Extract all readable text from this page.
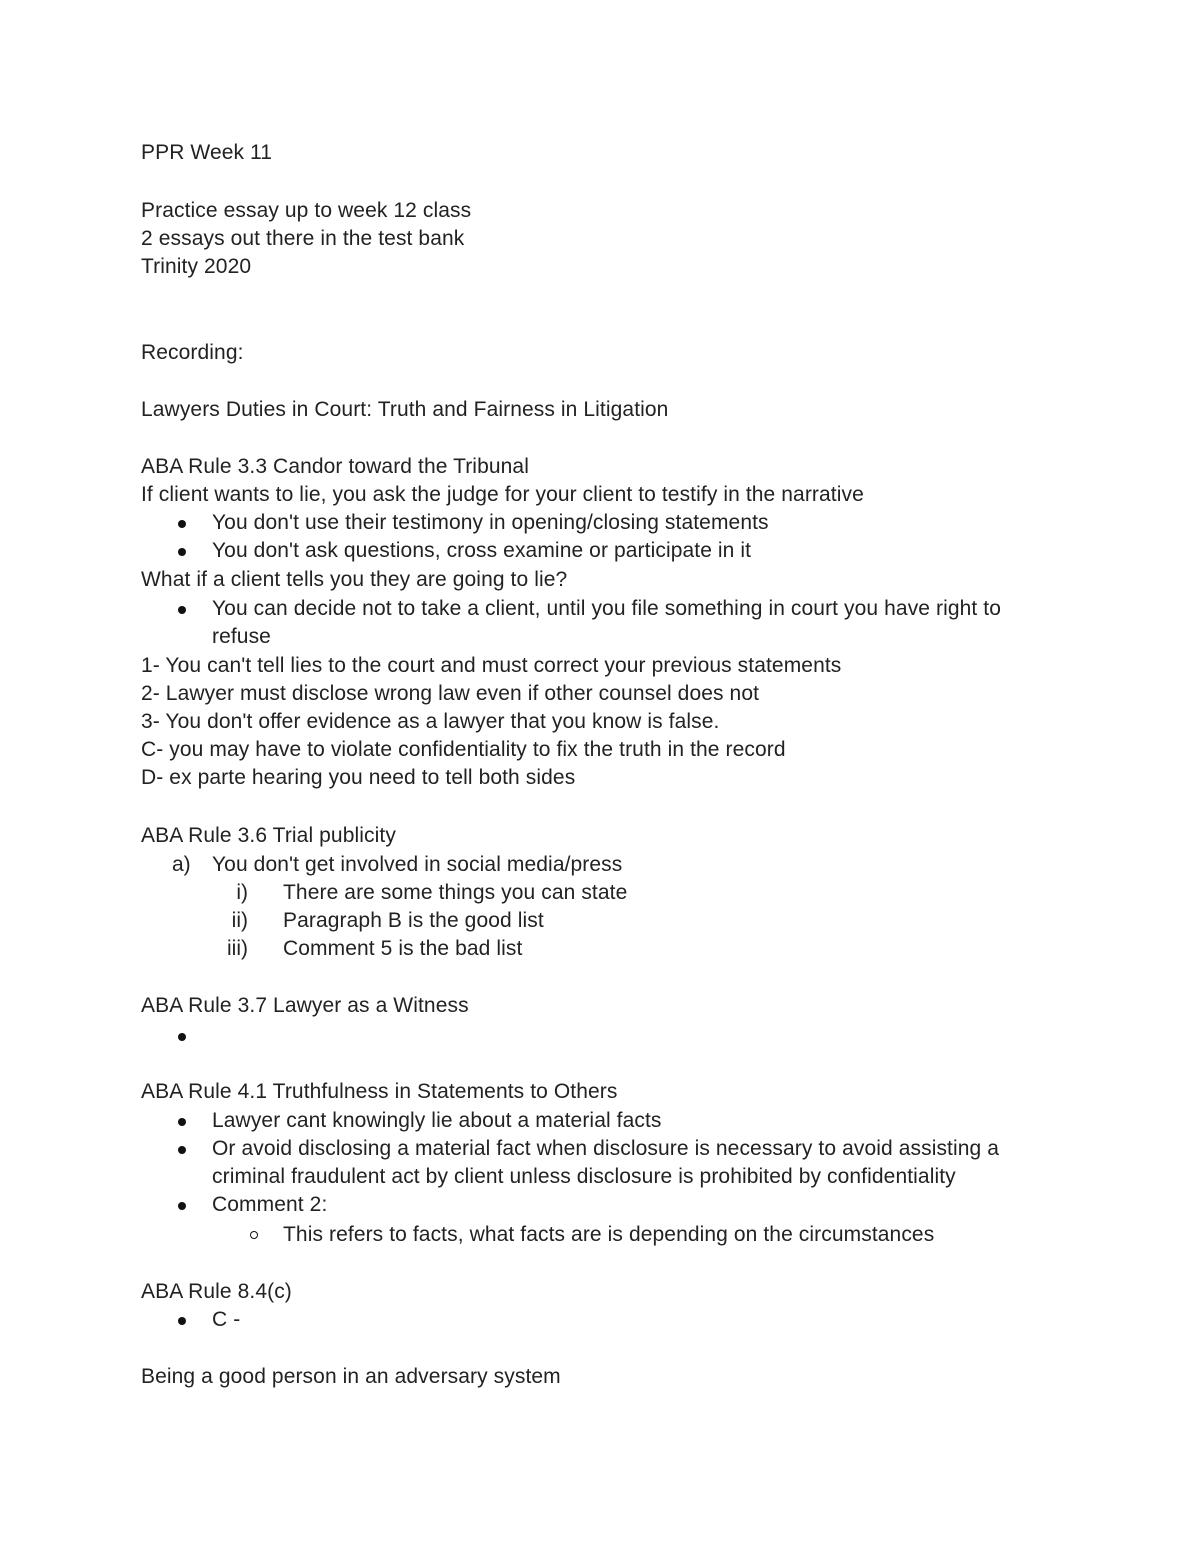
PPR Week 11
Practice essay up to week 12 class
2 essays out there in the test bank
Trinity 2020
Recording:
Lawyers Duties in Court: Truth and Fairness in Litigation
ABA Rule 3.3 Candor toward the Tribunal
If client wants to lie, you ask the judge for your client to testify in the narrative
You don't use their testimony in opening/closing statements
You don't ask questions, cross examine or participate in it
What if a client tells you they are going to lie?
You can decide not to take a client, until you file something in court you have right to
refuse
1- You can't tell lies to the court and must correct your previous statements
2- Lawyer must disclose wrong law even if other counsel does not
3- You don't offer evidence as a lawyer that you know is false.
C- you may have to violate confidentiality to fix the truth in the record
D- ex parte hearing you need to tell both sides
ABA Rule 3.6 Trial publicity
a)	You don't get involved in social media/press
i) There are some things you can state
ii) Paragraph B is the good list
iii) Comment 5 is the bad list
ABA Rule 3.7 Lawyer as a Witness
ABA Rule 4.1 Truthfulness in Statements to Others
Lawyer cant knowingly lie about a material facts
Or avoid disclosing a material fact when disclosure is necessary to avoid assisting a
criminal fraudulent act by client unless disclosure is prohibited by confidentiality
Comment 2:
This refers to facts, what facts are is depending on the circumstances
ABA Rule 8.4(c)
C -
Being a good person in an adversary system
